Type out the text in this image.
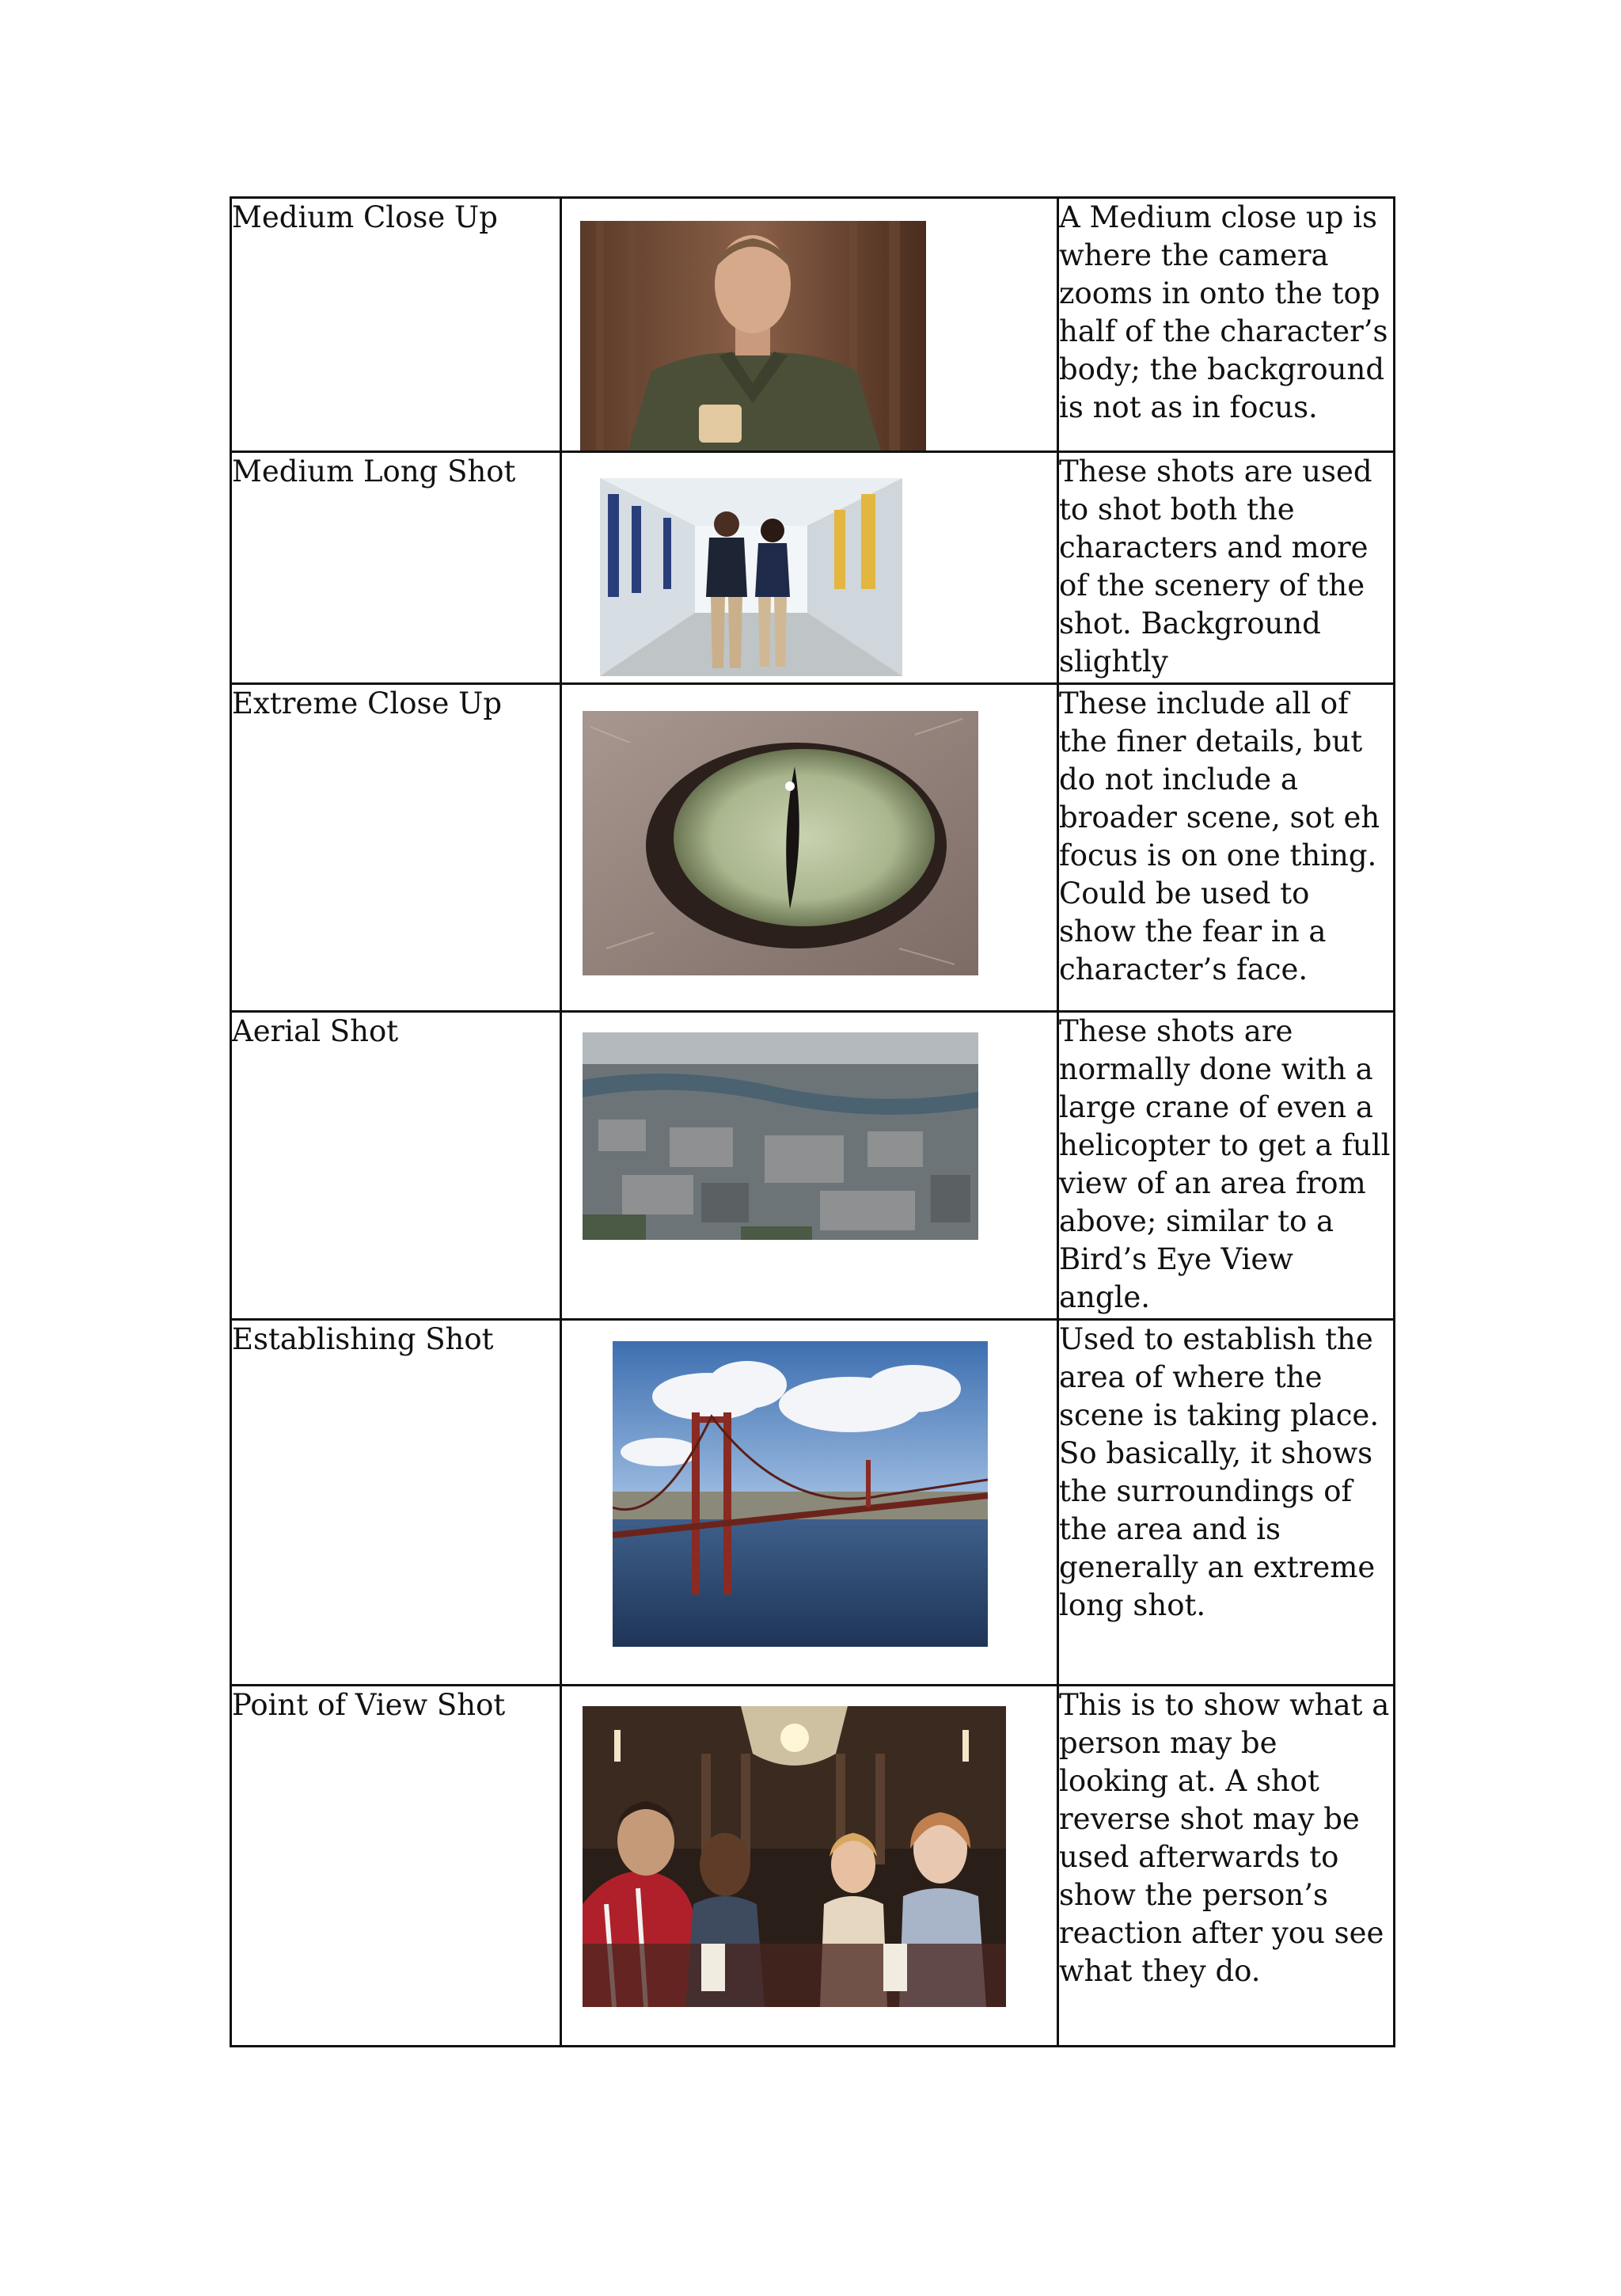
Medium Close Up		A Medium close up is where the camera zooms in onto the top half of the character’s body; the background is not as in focus.
Medium Long Shot		These shots are used to shot both the characters and more of the scenery of the shot. Background slightly
Extreme Close Up		These include all of the finer details, but do not include a broader scene, sot eh focus is on one thing. Could be used to show the fear in a character’s face.
Aerial Shot		These shots are normally done with a large crane of even a helicopter to get a full view of an area from above; similar to a Bird’s Eye View angle.
Establishing Shot		Used to establish the area of where the scene is taking place. So basically, it shows the surroundings of the area and is generally an extreme long shot.
Point of View Shot		This is to show what a person may be looking at. A shot reverse shot may be used afterwards to show the person’s reaction after you see what they do.
